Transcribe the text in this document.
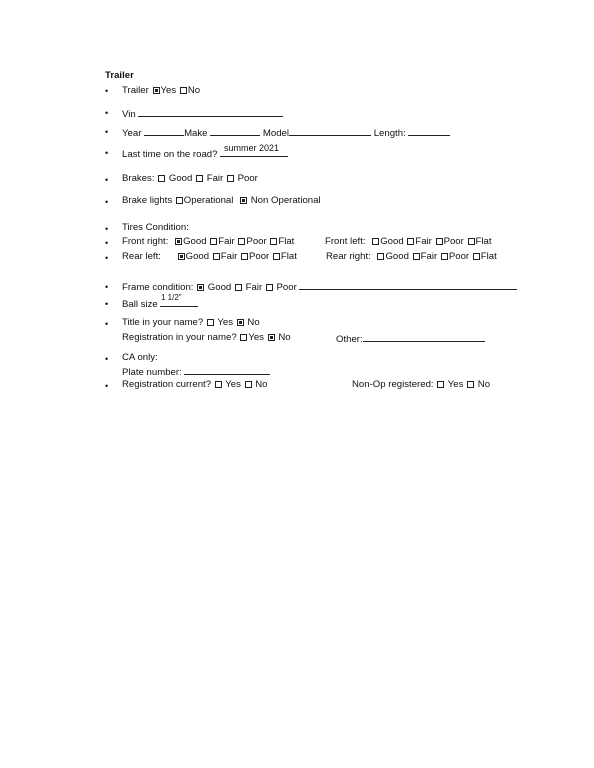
Trailer
• Trailer Yes No
• Vin
• Year	Make	Model	Length:
• Last time on the road?
summer 2021
• Brakes: Good Fair Poor
• Brake lights Operational Non Operational
• Tires Condition:
• Front right: Good Fair Poor Flat	Front left: Good Fair Poor Flat
• Rear left:	Good Fair Poor Flat	Rear right: Good Fair Poor Flat
• Frame condition: Good Fair Poor
• Ball size
1 1/2"
• Title in your name? Yes No
Registration in your name? Yes No	Other:
• CA only:
Plate number:
• Registration current? Yes No	Non-Op registered: Yes No
